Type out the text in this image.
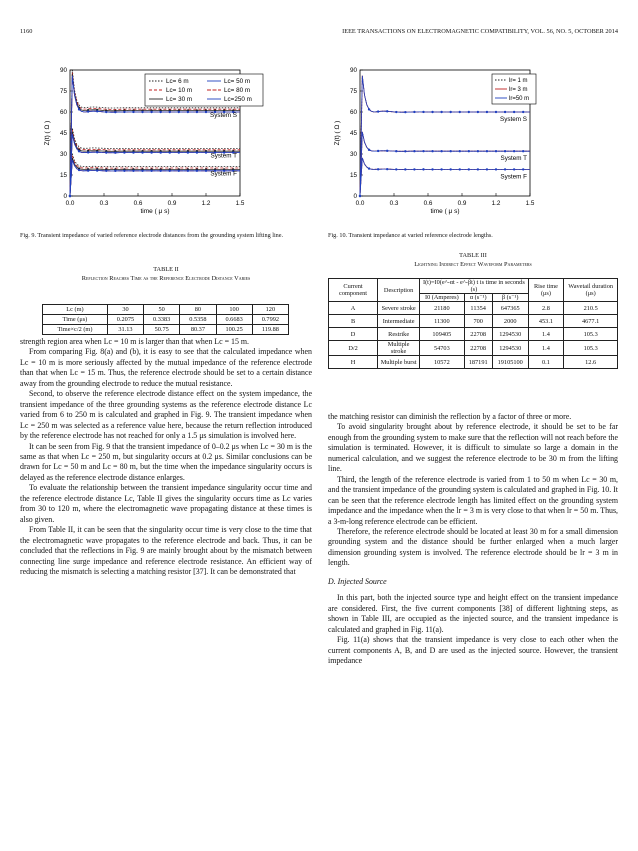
1160	IEEE TRANSACTIONS ON ELECTROMAGNETIC COMPATIBILITY, VOL. 56, NO. 5, OCTOBER 2014
0.0	0.3	0.6	0.9	1.2	1.5
0
15
30
45
60
75
90
time ( μ s)
Z(t) ( Ω )
System S
System T
System F
Lc= 6 m
Lc= 10 m
Lc= 30 m
Lc= 50 m
Lc= 80 m
Lc=250 m
Fig. 9. Transient impedance of varied reference electrode distances from the grounding system lifting line.
0.0	0.3	0.6	0.9	1.2	1.5
0
15
30
45
60
75
90
time ( μ s)
Z(t) ( Ω )
System S
System T
System F
lr= 1 m
lr= 3 m
lr=50 m
Fig. 10. Transient impedance at varied reference electrode lengths.
TABLE II
Reflection Reaches Time as the Reference Electrode Distance Varies
Lc (m)	30	50	80	100	120
Time (μs)	0.2075	0.3383	0.5358	0.6683	0.7992
Time×c/2 (m)	31.13	50.75	80.37	100.25	119.88
TABLE III
Lightning Indirect Effect Waveform Parameters
Current component	Description	I(t)=I0(e^-αt - e^-βt) t is time in seconds (s)			Rise time (μs)	Wavetail duration (μs)
		I0 (Amperes)	α (s⁻¹)	β (s⁻¹)		
A	Severe stroke	21180	11354	647365	2.8	210.5
B	Intermediate	11300	700	2000	453.1	4677.1
D	Restrike	109405	22708	1294530	1.4	105.3
D/2	Multiple stroke	54703	22708	1294530	1.4	105.3
H	Multiple burst	10572	187191	19105100	0.1	12.6

strength region area when Lc = 10 m is larger than that when Lc = 15 m.

From comparing Fig. 8(a) and (b), it is easy to see that the calculated impedance when Lc = 10 m is more seriously affected by the mutual impedance of the reference electrode than that when Lc = 15 m. Thus, the reference electrode should be set to a certain distance away from the grounding electrode to reduce the mutual resistance.

Second, to observe the reference electrode distance effect on the system impedance, the transient impedance of the three grounding systems as the reference electrode distance Lc varied from 6 to 250 m is calculated and graphed in Fig. 9. The transient impedance when Lc = 250 m was selected as a reference value here, because the return reflection introduced by the reference electrode has not reached for only a 1.5 μs simulation is involved here.

It can be seen from Fig. 9 that the transient impedance of 0–0.2 μs when Lc = 30 m is the same as that when Lc = 250 m, but singularity occurs at 0.2 μs. Similar conclusions can be drawn for Lc = 50 m and Lc = 80 m, but the time when the impedance singularity occurs is delayed as the reference electrode distance enlarges.

To evaluate the relationship between the transient impedance singularity occur time and the reference electrode distance Lc, Table II gives the singularity occurs time as Lc varies from 30 to 120 m, where the electromagnetic wave propagating distance at these times is also given.

From Table II, it can be seen that the singularity occur time is very close to the time that the electromagnetic wave propagates to the reference electrode and back. Thus, it can be concluded that the reflections in Fig. 9 are mainly brought about by the mismatch between connecting line surge impedance and reference electrode resistance. An efficient way of reducing the mismatch is selecting a matching resistor [37]. It can be demonstrated that

the matching resistor can diminish the reflection by a factor of three or more.

To avoid singularity brought about by reference electrode, it should be set to be far enough from the grounding system to make sure that the reflection will not reach before the simulation is terminated. However, it is difficult to simulate so large a domain in the numerical calculation, and we suggest the reference electrode to be 30 m from the lifting line.

Third, the length of the reference electrode is varied from 1 to 50 m when Lc = 30 m, and the transient impedance of the grounding system is calculated and graphed in Fig. 10. It can be seen that the reference electrode length has limited effect on the grounding system impedance and the impedance when the lr = 3 m is very close to that when lr = 50 m. Thus, a 3-m-long reference electrode can be efficient.

Therefore, the reference electrode should be located at least 30 m for a small dimension grounding system and the distance should be further enlarged when a much larger dimension grounding system is involved. The reference electrode should be lr = 3 m in length.

D. Injected Source

In this part, both the injected source type and height effect on the transient impedance are considered. First, the five current components [38] of different lightning steps, as shown in Table III, are occupied as the injected source, and the transient impedance is calculated and graphed in Fig. 11(a).

Fig. 11(a) shows that the transient impedance is very close to each other when the current components A, B, and D are used as the injected source. However, the transient impedance
